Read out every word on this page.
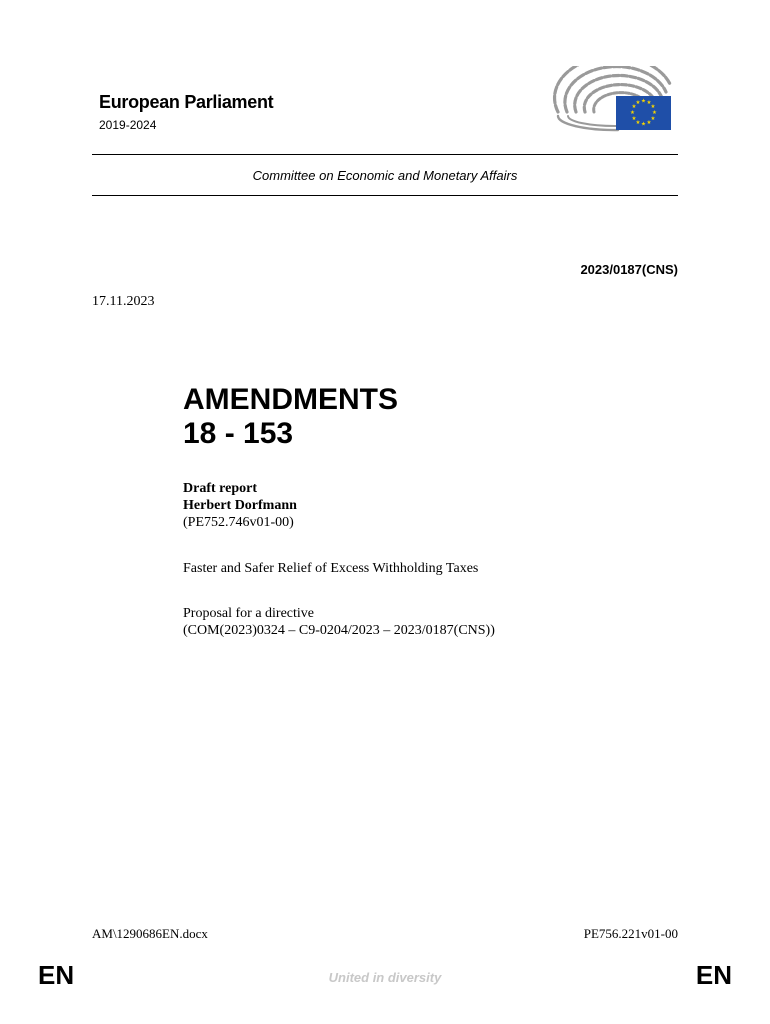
European Parliament
2019-2024
★ ★
★
★
★
★
★
★
★
★
★
★
Committee on Economic and Monetary Affairs
2023/0187(CNS)
17.11.2023
AMENDMENTS
18 - 153
Draft report
Herbert Dorfmann
(PE752.746v01-00)
Faster and Safer Relief of Excess Withholding Taxes
Proposal for a directive
(COM(2023)0324 – C9-0204/2023 – 2023/0187(CNS))
AM\1290686EN.docx	PE756.221v01-00
EN	United in diversity	EN
